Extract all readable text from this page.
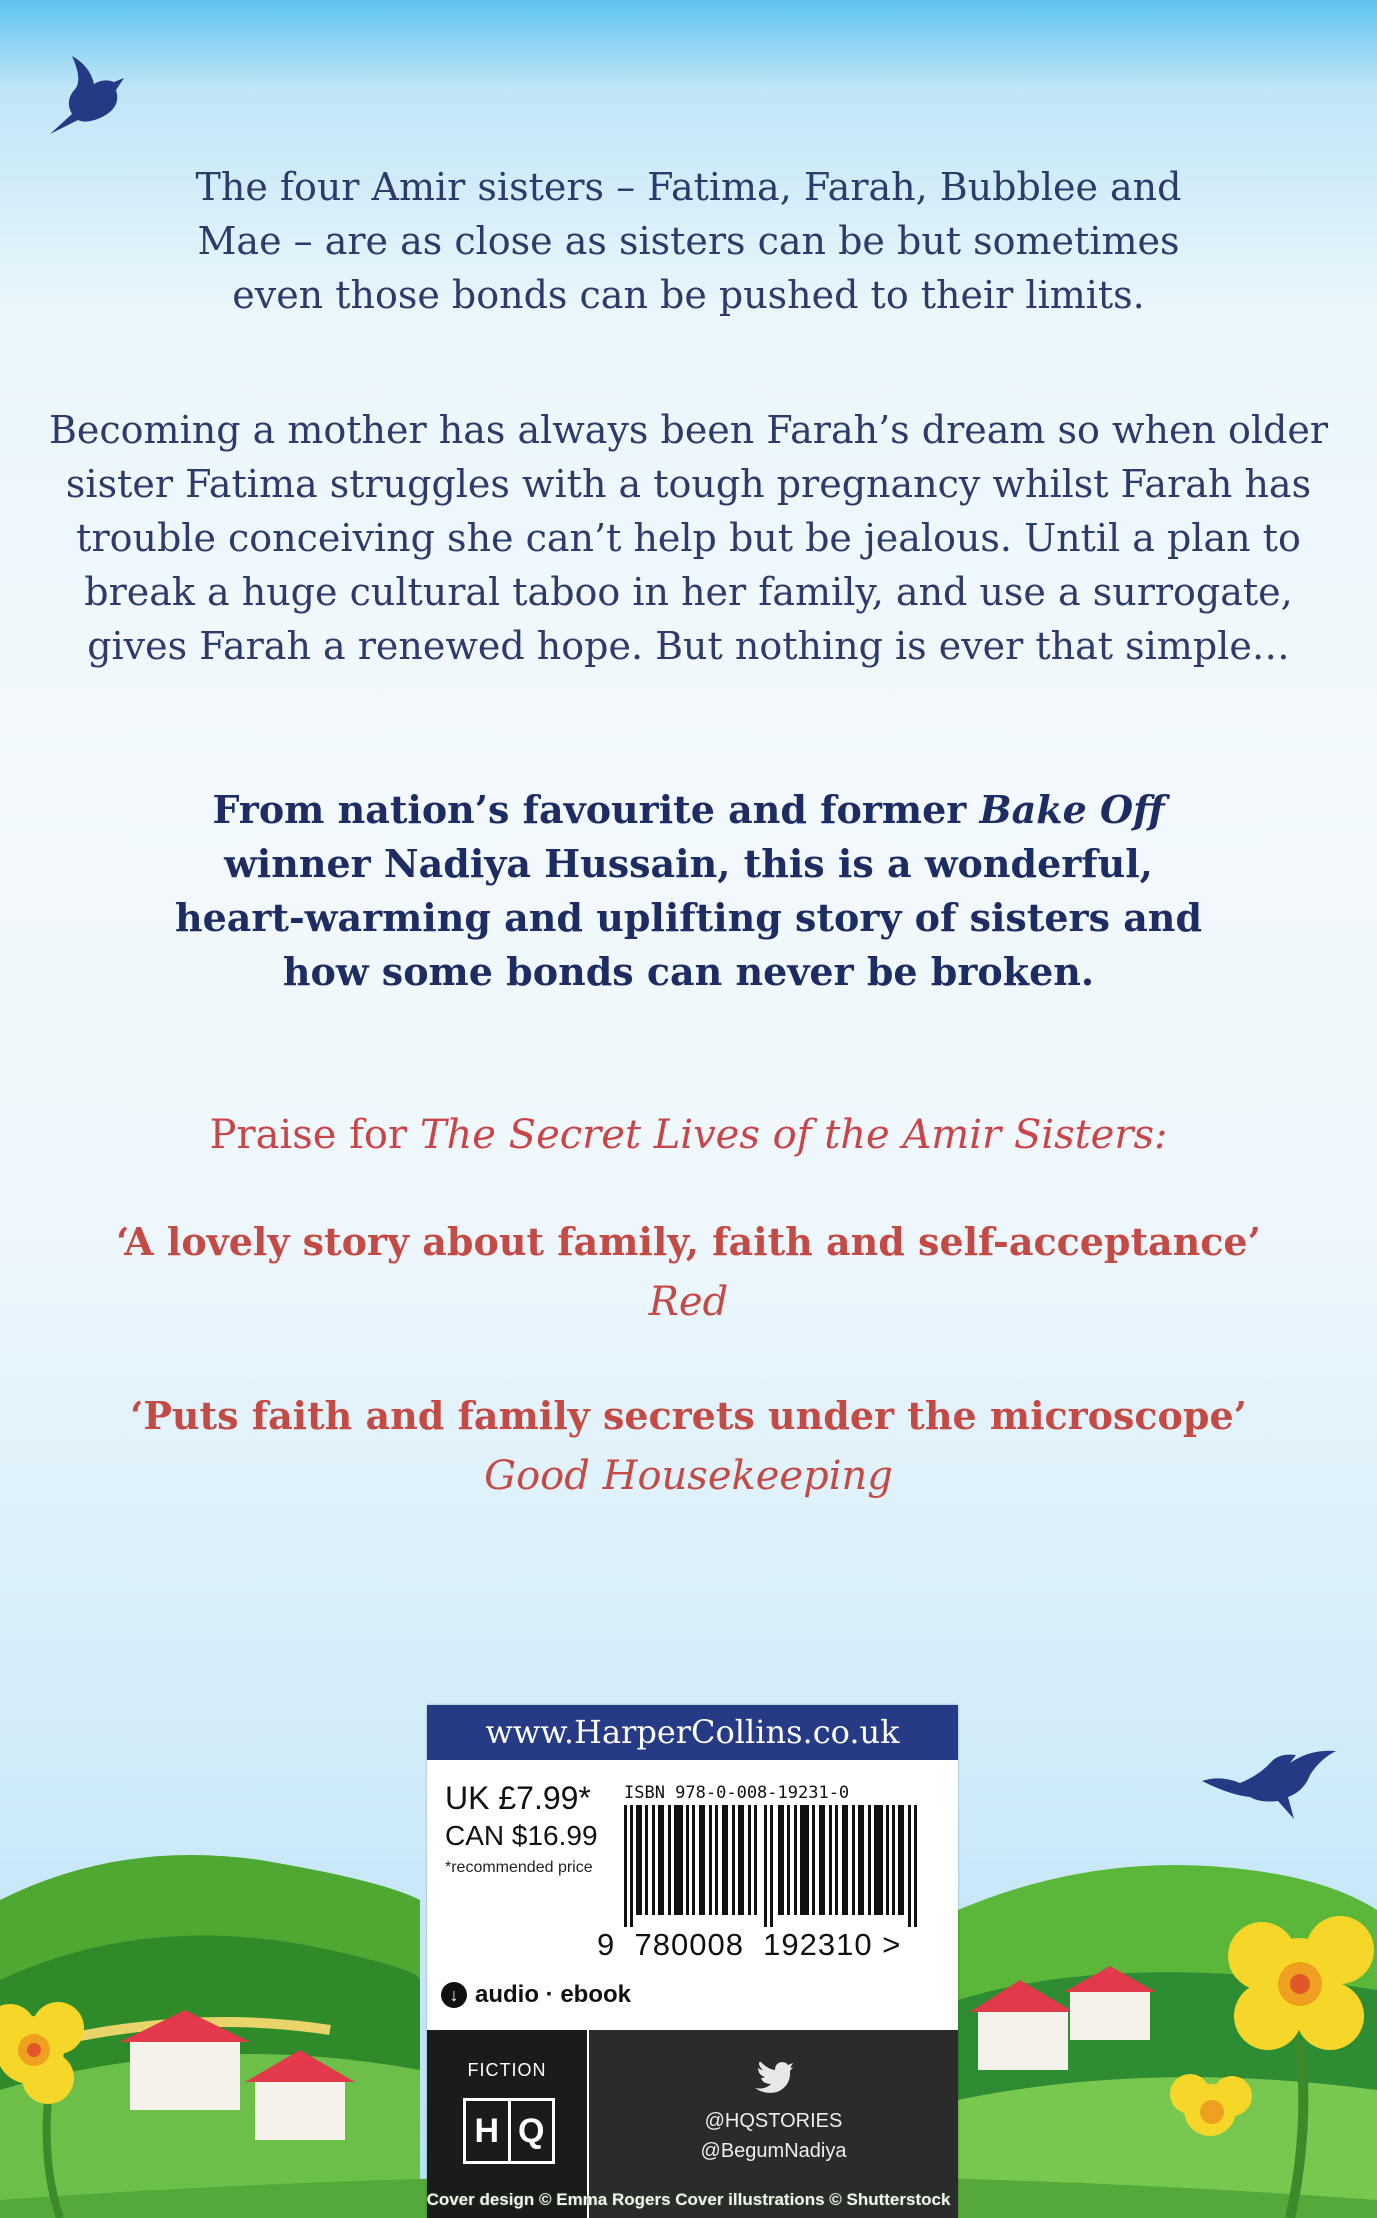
The four Amir sisters – Fatima, Farah, Bubblee and Mae – are as close as sisters can be but sometimes even those bonds can be pushed to their limits.
Becoming a mother has always been Farah’s dream so when older sister Fatima struggles with a tough pregnancy whilst Farah has trouble conceiving she can’t help but be jealous. Until a plan to break a huge cultural taboo in her family, and use a surrogate, gives Farah a renewed hope. But nothing is ever that simple…
From nation’s favourite and former Bake Off winner Nadiya Hussain, this is a wonderful, heart-warming and uplifting story of sisters and how some bonds can never be broken.
Praise for The Secret Lives of the Amir Sisters:
‘A lovely story about family, faith and self-acceptance’
Red
‘Puts faith and family secrets under the microscope’
Good Housekeeping
www.HarperCollins.co.uk
UK £7.99*
CAN $16.99
*recommended price
ISBN 978-0-008-19231-0
9 780008 192310 >
↓ audio · ebook
FICTION
H Q	@HQSTORIES
@BegumNadiya
Cover design © Emma Rogers Cover illustrations © Shutterstock
